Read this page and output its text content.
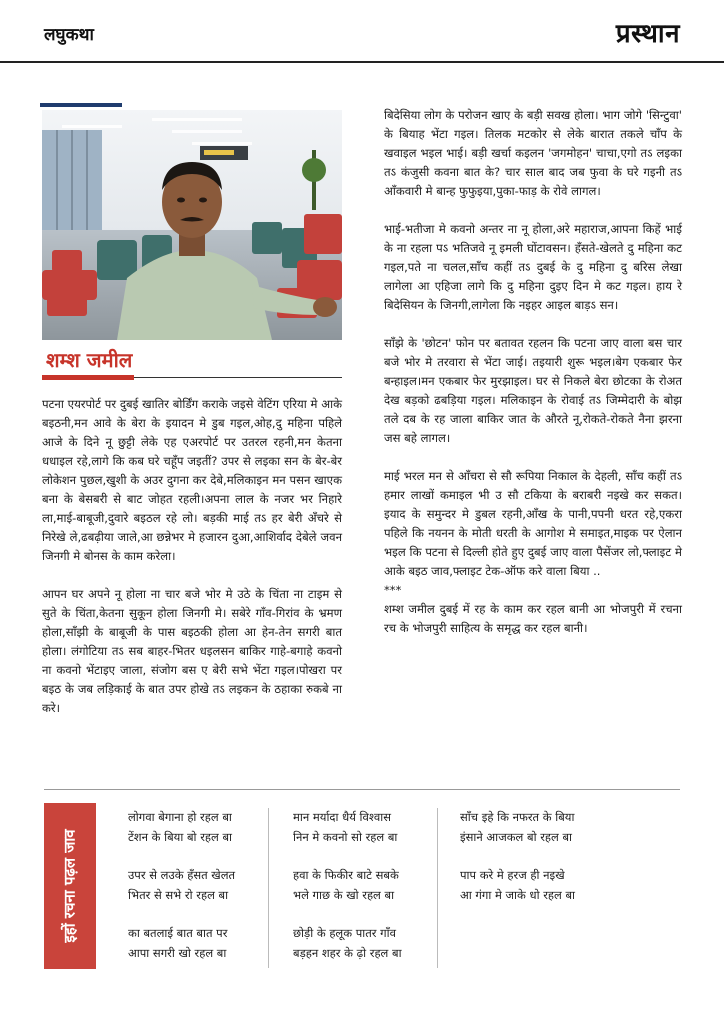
लघुकथा	प्रस्थान
शम्श जमील

पटना एयरपोर्ट पर दुबई खातिर बोर्डिंग कराके जइसे वेटिंग एरिया मे आके बइठनी,मन आवे के बेरा के इयादन मे डुब गइल,ओह,दु महिना पहिले आजे के दिने नू छुट्टी लेके एह एअरपोर्ट पर उतरल रहनी,मन केतना धधाइल रहे,लागे कि कब घरे चहूँप जइतीं? उपर से लइका सन के बेर-बेर लोकेशन पुछल,खुशी के अउर दुगना कर देबे,मलिकाइन मन पसन खाएक बना के बेसबरी से बाट जोहत रहली।अपना लाल के नजर भर निहारे ला,माई-बाबूजी,दुवारे बइठल रहे लो। बड़की माई तऽ हर बेरी अँचरे से निरेखे ले,ढबढ़ीया जाले,आ छन्नेभर मे हजारन दुआ,आशिर्वाद देबेले जवन जिनगी मे बोनस के काम करेला।

आपन घर अपने नू होला ना चार बजे भोर मे उठे के चिंता ना टाइम से सुते के चिंता,केतना सुकून होला जिनगी मे। सबेरे गाँव-गिरांव के भ्रमण होला,साँझी के बाबूजी के पास बइठकी होला आ हेन-तेन सगरी बात होला। लंगोटिया तऽ सब बाहर-भितर धइलसन बाकिर गाहे-बगाहे कवनो ना कवनो भेंटाइए जाला, संजोग बस ए बेरी सभे भेंटा गइल।पोखरा पर बइठ के जब लड़िकाई के बात उपर होखे तऽ लइकन के ठहाका रुकबे ना करे।

बिदेसिया लोग के परोजन खाए के बड़ी सवख होला। भाग जोगे 'सिन्टुवा' के बियाह भेंटा गइल। तिलक मटकोर से लेके बारात तकले चाँप के खवाइल भइल भाई। बड़ी खर्चा कइलन 'जगमोहन' चाचा,एगो तऽ लइका तऽ कंजुसी कवना बात के? चार साल बाद जब फुवा के घरे गइनी तऽ आँकवारी मे बान्ह फुफुइया,पुका-फाड़ के रोवे लागल।

भाई-भतीजा मे कवनो अन्तर ना नू होला,अरे महाराज,आपना किहें भाई के ना रहला पऽ भतिजवे नू इमली घोंटावसन। हँसते-खेलते दु महिना कट गइल,पते ना चलल,साँच कहीं तऽ दुबई के दु महिना दु बरिस लेखा लागेला आ एहिजा लागे कि दु महिना दुइए दिन मे कट गइल। हाय रे बिदेसियन के जिनगी,लागेला कि नइहर आइल बाड़ऽ सन।

साँझे के 'छोटन' फोन पर बतावत रहलन कि पटना जाए वाला बस चार बजे भोर मे तरवारा से भेंटा जाई। तइयारी शुरू भइल।बेग एकबार फेर बन्हाइल।मन एकबार फेर मुरझाइल। घर से निकले बेरा छोटका के रोअत देख बड़को ढबड़िया गइल। मलिकाइन के रोवाई तऽ जिम्मेदारी के बोझ तले दब के रह जाला बाकिर जात के औरते नू,रोकते-रोकते नैना झरना जस बहे लागल।

माई भरल मन से आँचरा से सौ रूपिया निकाल के देहली, साँच कहीं तऽ हमार लाखों कमाइल भी उ सौ टकिया के बराबरी नइखे कर सकत। इयाद के समुन्दर मे डुबल रहनी,आँख के पानी,पपनी धरत रहे,एकरा पहिले कि नयनन के मोती धरती के आगोश मे समाइत,माइक पर ऐलान भइल कि पटना से दिल्ली होते हुए दुबई जाए वाला पैसेंजर लो,फ्लाइट मे आके बइठ जाव,फ्लाइट टेक-ऑफ करे वाला बिया ..

***

शम्श जमील दुबई में रह के काम कर रहल बानी आ भोजपुरी में रचना रच के भोजपुरी साहित्य के समृद्ध कर रहल बानी।

इहों रचना पढ़ल जाव
लोगवा बेगाना हो रहल बा
टेंशन के बिया बो रहल बा
उपर से लउके हँसत खेलत
भितर से सभे रो रहल बा
का बतलाई बात बात पर
आपा सगरी खो रहल बा
मान मर्यादा धैर्य विश्वास
निन मे कवनो सो रहल बा
हवा के फिकीर बाटे सबके
भले गाछ के खो रहल बा
छोड़ी के हलूक पातर गाँव
बड़हन शहर के ढ़ो रहल बा
साँच इहे कि नफरत के बिया
इंसाने आजकल बो रहल बा
पाप करे मे हरज ही नइखे
आ गंगा मे जाके धो रहल बा
